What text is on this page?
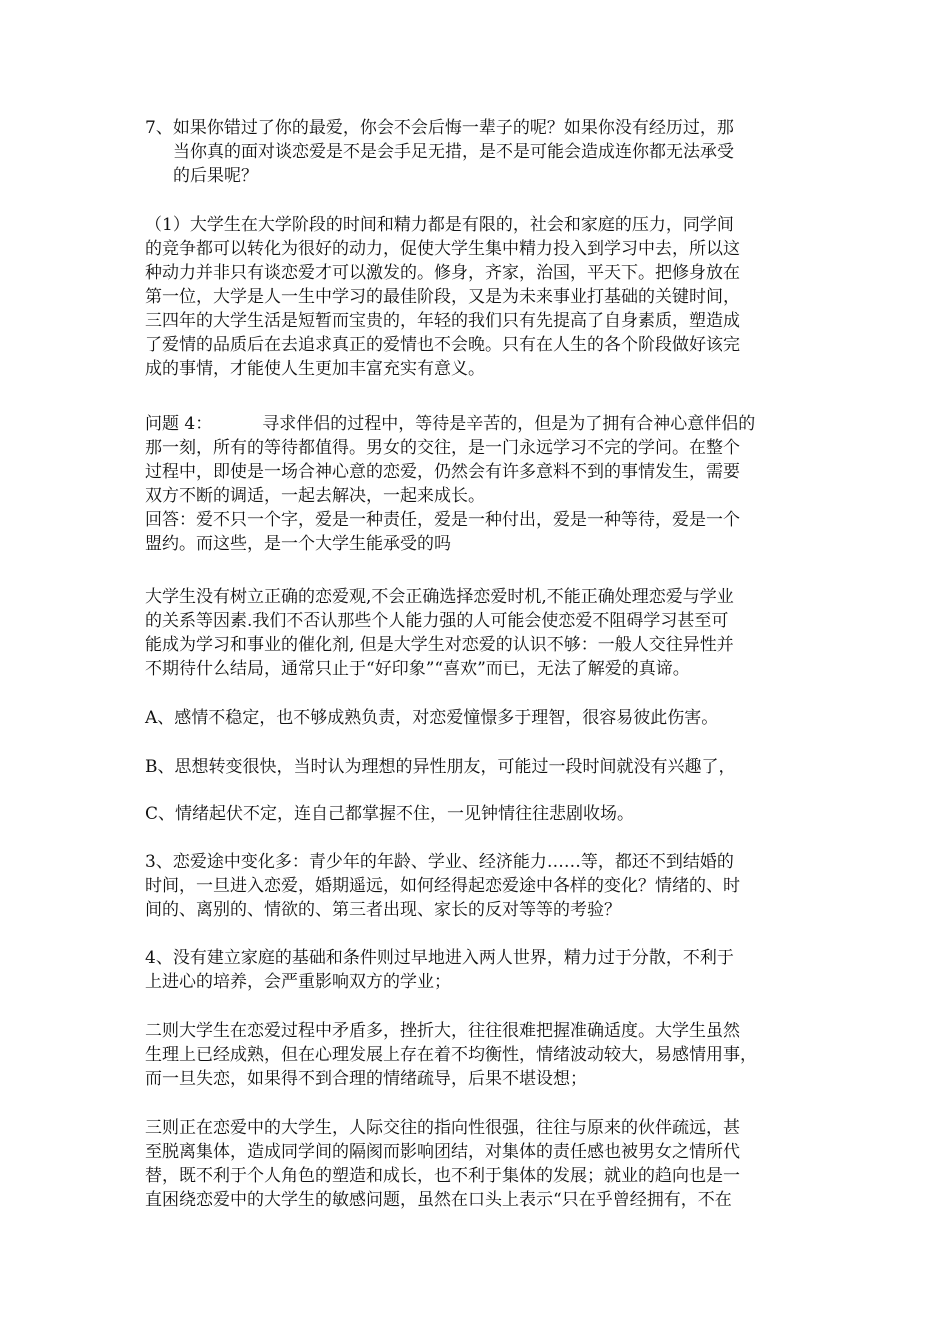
7、如果你错过了你的最爱，你会不会后悔一辈子的呢？如果你没有经历过，那
当你真的面对谈恋爱是不是会手足无措，是不是可能会造成连你都无法承受
的后果呢？
（1）大学生在大学阶段的时间和精力都是有限的，社会和家庭的压力，同学间
的竞争都可以转化为很好的动力，促使大学生集中精力投入到学习中去，所以这
种动力并非只有谈恋爱才可以激发的。修身，齐家，治国，平天下。把修身放在
第一位，大学是人一生中学习的最佳阶段，又是为未来事业打基础的关键时间，
三四年的大学生活是短暂而宝贵的，年轻的我们只有先提高了自身素质，塑造成
了爱情的品质后在去追求真正的爱情也不会晚。只有在人生的各个阶段做好该完
成的事情，才能使人生更加丰富充实有意义。
问题 4：	寻求伴侣的过程中，等待是辛苦的，但是为了拥有合神心意伴侣的
那一刻，所有的等待都值得。男女的交往，是一门永远学习不完的学问。在整个
过程中，即使是一场合神心意的恋爱，仍然会有许多意料不到的事情发生，需要
双方不断的调适，一起去解决，一起来成长。
回答：爱不只一个字，爱是一种责任，爱是一种付出，爱是一种等待，爱是一个
盟约。而这些，是一个大学生能承受的吗
大学生没有树立正确的恋爱观,不会正确选择恋爱时机,不能正确处理恋爱与学业
的关系等因素.我们不否认那些个人能力强的人可能会使恋爱不阻碍学习甚至可
能成为学习和事业的催化剂, 但是大学生对恋爱的认识不够：一般人交往异性并
不期待什么结局，通常只止于“好印象”“喜欢”而已，无法了解爱的真谛。
A、感情不稳定，也不够成熟负责，对恋爱憧憬多于理智，很容易彼此伤害。
B、思想转变很快，当时认为理想的异性朋友，可能过一段时间就没有兴趣了，
C、情绪起伏不定，连自己都掌握不住，一见钟情往往悲剧收场。
3、恋爱途中变化多：青少年的年龄、学业、经济能力……等，都还不到结婚的
时间，一旦进入恋爱，婚期遥远，如何经得起恋爱途中各样的变化？情绪的、时
间的、离别的、情欲的、第三者出现、家长的反对等等的考验？
4、没有建立家庭的基础和条件则过早地进入两人世界，精力过于分散，不利于
上进心的培养，会严重影响双方的学业；
二则大学生在恋爱过程中矛盾多，挫折大，往往很难把握准确适度。大学生虽然
生理上已经成熟，但在心理发展上存在着不均衡性，情绪波动较大，易感情用事，
而一旦失恋，如果得不到合理的情绪疏导，后果不堪设想；
三则正在恋爱中的大学生，人际交往的指向性很强，往往与原来的伙伴疏远，甚
至脱离集体，造成同学间的隔阂而影响团结，对集体的责任感也被男女之情所代
替，既不利于个人角色的塑造和成长，也不利于集体的发展；就业的趋向也是一
直困绕恋爱中的大学生的敏感问题，虽然在口头上表示“只在乎曾经拥有，不在
